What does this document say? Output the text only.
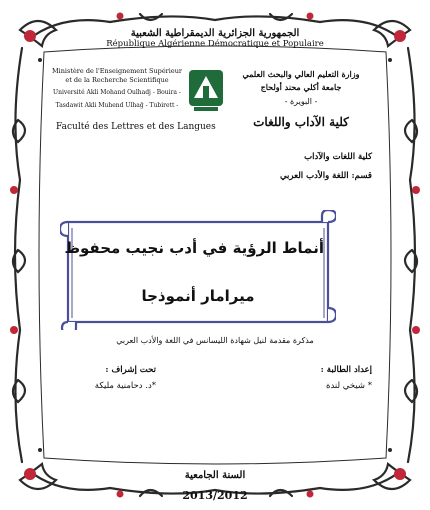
الجمهورية الجزائرية الديمقراطية الشعبية
République Algérienne Démocratique et Populaire
Ministère de l'Enseignement Supérieur
et de la Recherche Scientifique
Université Akli Mohand Oulhadj - Bouira -
Tasdawit Akli Muhend Ulhağ - Tubirett -
Faculté des Lettres et des Langues
وزارة التعليم العالي والبحث العلمي
جامعة أكلي محند أولحاج
- البويرة -
كلية الآداب واللغات
كلية اللغات والآداب
قسم: اللغة والأدب العربي
أنماط الرؤية في أدب نجيب محفوظ
ميرامار أنموذجا
مذكرة مقدمة لنيل شهادة الليسانس في اللغة والأدب العربي
إعداد الطالبة :
* شيخي لندة
تحت إشراف :
*د. دحامنية مليكة
السنة الجامعية
2013/2012
